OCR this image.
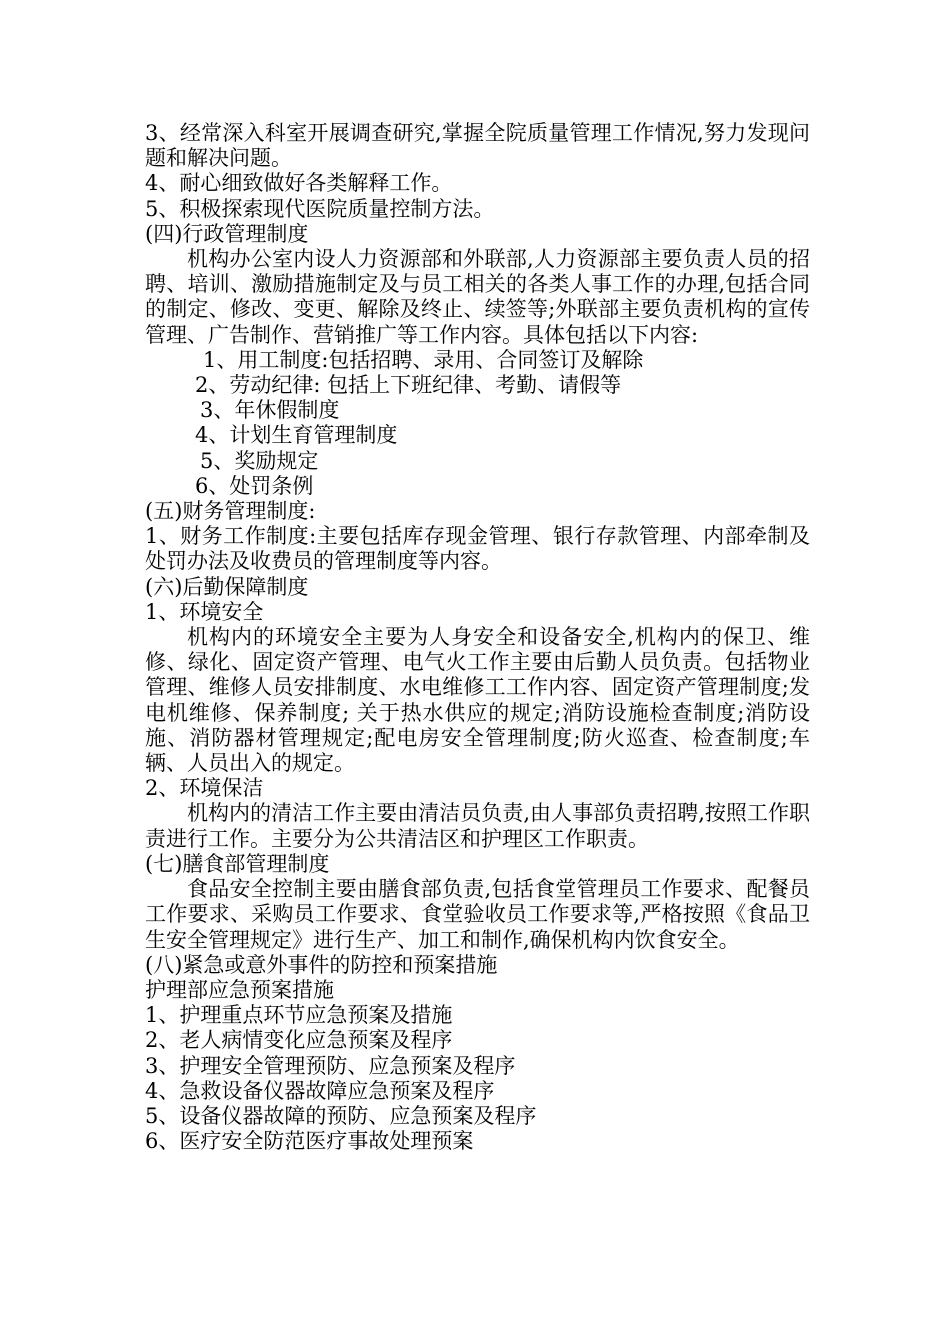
3、经常深入科室开展调查研究,掌握全院质量管理工作情况,努力发现问题和解决问题。

4、耐心细致做好各类解释工作。

5、积极探索现代医院质量控制方法。

(四)行政管理制度

机构办公室内设人力资源部和外联部,人力资源部主要负责人员的招聘、培训、激励措施制定及与员工相关的各类人事工作的办理,包括合同的制定、修改、变更、解除及终止、续签等;外联部主要负责机构的宣传管理、广告制作、营销推广等工作内容。具体包括以下内容:

1、用工制度:包括招聘、录用、合同签订及解除

2、劳动纪律: 包括上下班纪律、考勤、请假等

3、年休假制度

4、计划生育管理制度

5、奖励规定

6、处罚条例

(五)财务管理制度:

1、财务工作制度:主要包括库存现金管理、银行存款管理、内部牵制及处罚办法及收费员的管理制度等内容。

(六)后勤保障制度

1、环境安全

机构内的环境安全主要为人身安全和设备安全,机构内的保卫、维修、绿化、固定资产管理、电气火工作主要由后勤人员负责。包括物业管理、维修人员安排制度、水电维修工工作内容、固定资产管理制度;发电机维修、保养制度; 关于热水供应的规定;消防设施检查制度;消防设施、消防器材管理规定;配电房安全管理制度;防火巡查、检查制度;车辆、人员出入的规定。

2、环境保洁

机构内的清洁工作主要由清洁员负责,由人事部负责招聘,按照工作职责进行工作。主要分为公共清洁区和护理区工作职责。

(七)膳食部管理制度

食品安全控制主要由膳食部负责,包括食堂管理员工作要求、配餐员工作要求、采购员工作要求、食堂验收员工作要求等,严格按照《食品卫生安全管理规定》进行生产、加工和制作,确保机构内饮食安全。

(八)紧急或意外事件的防控和预案措施

护理部应急预案措施

1、护理重点环节应急预案及措施

2、老人病情变化应急预案及程序

3、护理安全管理预防、应急预案及程序

4、急救设备仪器故障应急预案及程序

5、设备仪器故障的预防、应急预案及程序

6、医疗安全防范医疗事故处理预案
